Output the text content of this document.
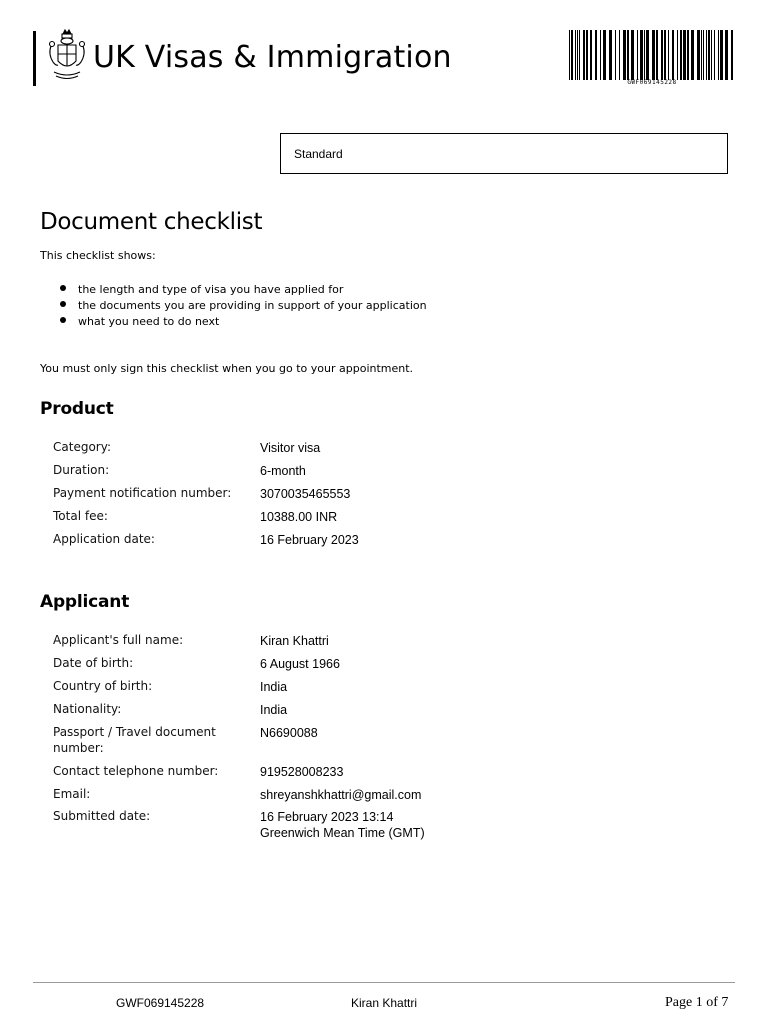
UK Visas & Immigration
GWF069145228
Standard
Document checklist
This checklist shows:
the length and type of visa you have applied for
the documents you are providing in support of your application
what you need to do next
You must only sign this checklist when you go to your appointment.
Product
Category:	Visitor visa
Duration:	6-month
Payment notification number:	3070035465553
Total fee:	10388.00 INR
Application date:	16 February 2023
Applicant
Applicant's full name:	Kiran Khattri
Date of birth:	6 August 1966
Country of birth:	India
Nationality:	India
Passport / Travel document number:
N6690088
Contact telephone number:	919528008233
Email:	shreyanshkhattri@gmail.com
Submitted date:	16 February 2023 13:14 Greenwich Mean Time (GMT)
GWF069145228	Kiran Khattri	Page 1 of 7
